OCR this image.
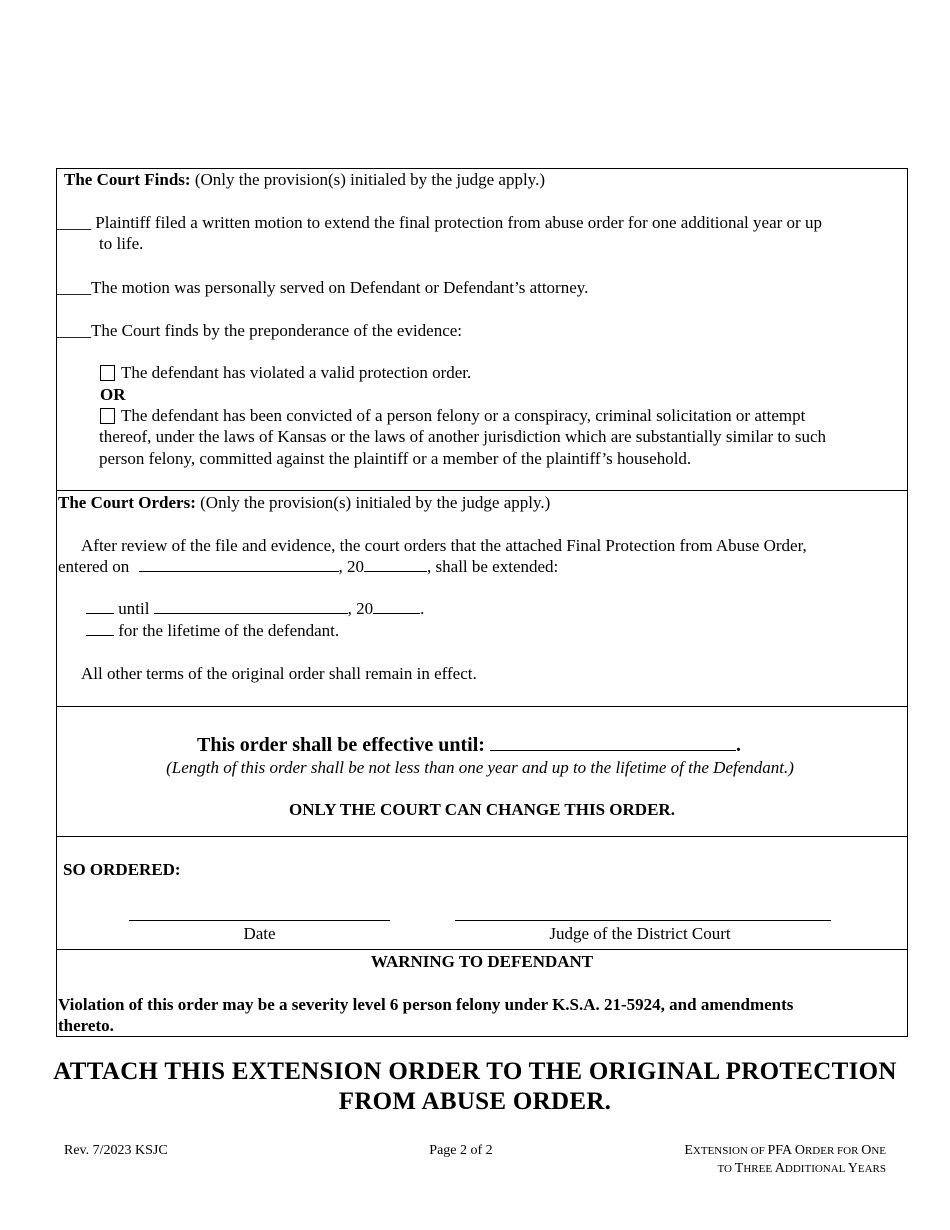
The Court Finds: (Only the provision(s) initialed by the judge apply.)
____ Plaintiff filed a written motion to extend the final protection from abuse order for one additional year or up
to life.
____The motion was personally served on Defendant or Defendant’s attorney.
____The Court finds by the preponderance of the evidence:
The defendant has violated a valid protection order.
OR
The defendant has been convicted of a person felony or a conspiracy, criminal solicitation or attempt
thereof, under the laws of Kansas or the laws of another jurisdiction which are substantially similar to such
person felony, committed against the plaintiff or a member of the plaintiff’s household.
The Court Orders: (Only the provision(s) initialed by the judge apply.)
After review of the file and evidence, the court orders that the attached Final Protection from Abuse Order,
entered on	, 20	, shall be extended:
until	, 20	.
for the lifetime of the defendant.
All other terms of the original order shall remain in effect.
This order shall be effective until:	.
(Length of this order shall be not less than one year and up to the lifetime of the Defendant.)
ONLY THE COURT CAN CHANGE THIS ORDER.
SO ORDERED:
Date	Judge of the District Court
WARNING TO DEFENDANT
Violation of this order may be a severity level 6 person felony under K.S.A. 21-5924, and amendments
thereto.
ATTACH THIS EXTENSION ORDER TO THE ORIGINAL PROTECTION
FROM ABUSE ORDER.
Rev. 7/2023 KSJC	Page 2 of 2	EXTENSION OF PFA ORDER FOR ONE
TO THREE ADDITIONAL YEARS
